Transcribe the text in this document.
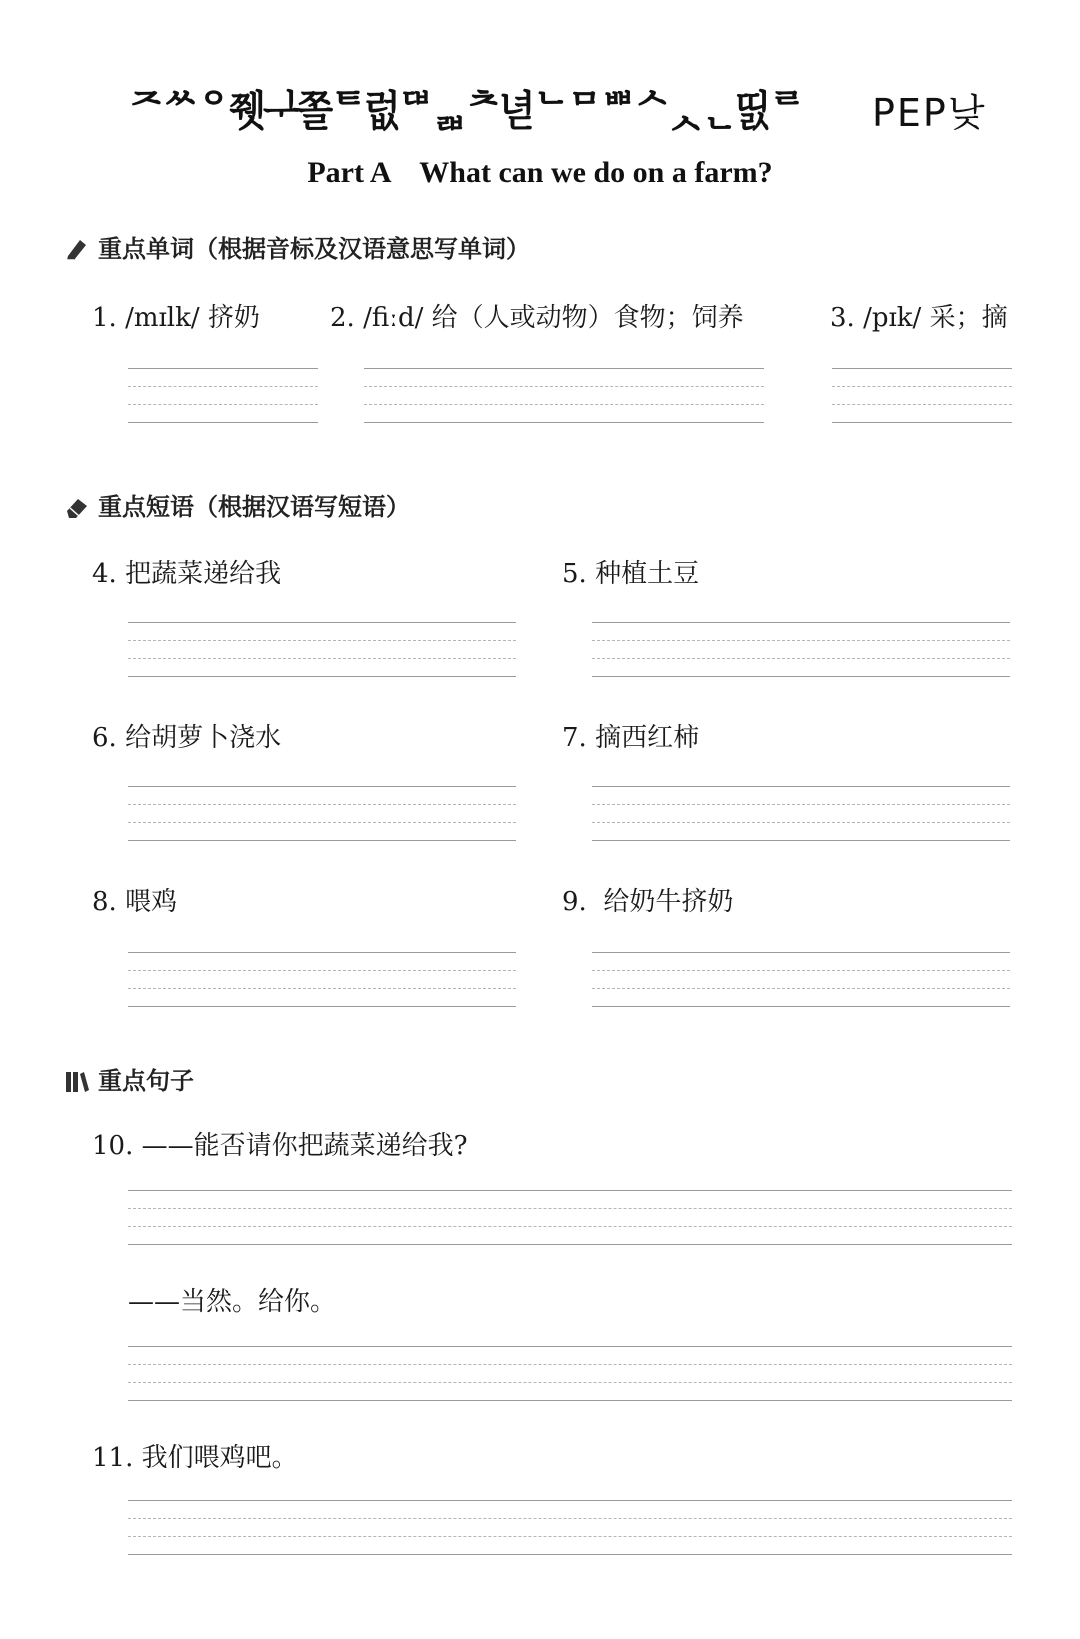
ᄌᄊᄋ쮓ᆛ쫄ᄐ럾ᄃᄇᆲᄎ녇ᄂᄆᄈᄉᆺᆫ띬ᄅ PEP낮
Part A    What can we do on a farm?
重点单词（根据音标及汉语意思写单词）
1. /mɪlk/ 挤奶	2. /fiːd/ 给（人或动物）食物；饲养	3. /pɪk/ 采；摘
重点短语（根据汉语写短语）
4. 把蔬菜递给我	5. 种植土豆
6. 给胡萝卜浇水	7. 摘西红柿
8. 喂鸡	9. 给奶牛挤奶
重点句子
10. ——能否请你把蔬菜递给我?
——当然。给你。
11. 我们喂鸡吧。
